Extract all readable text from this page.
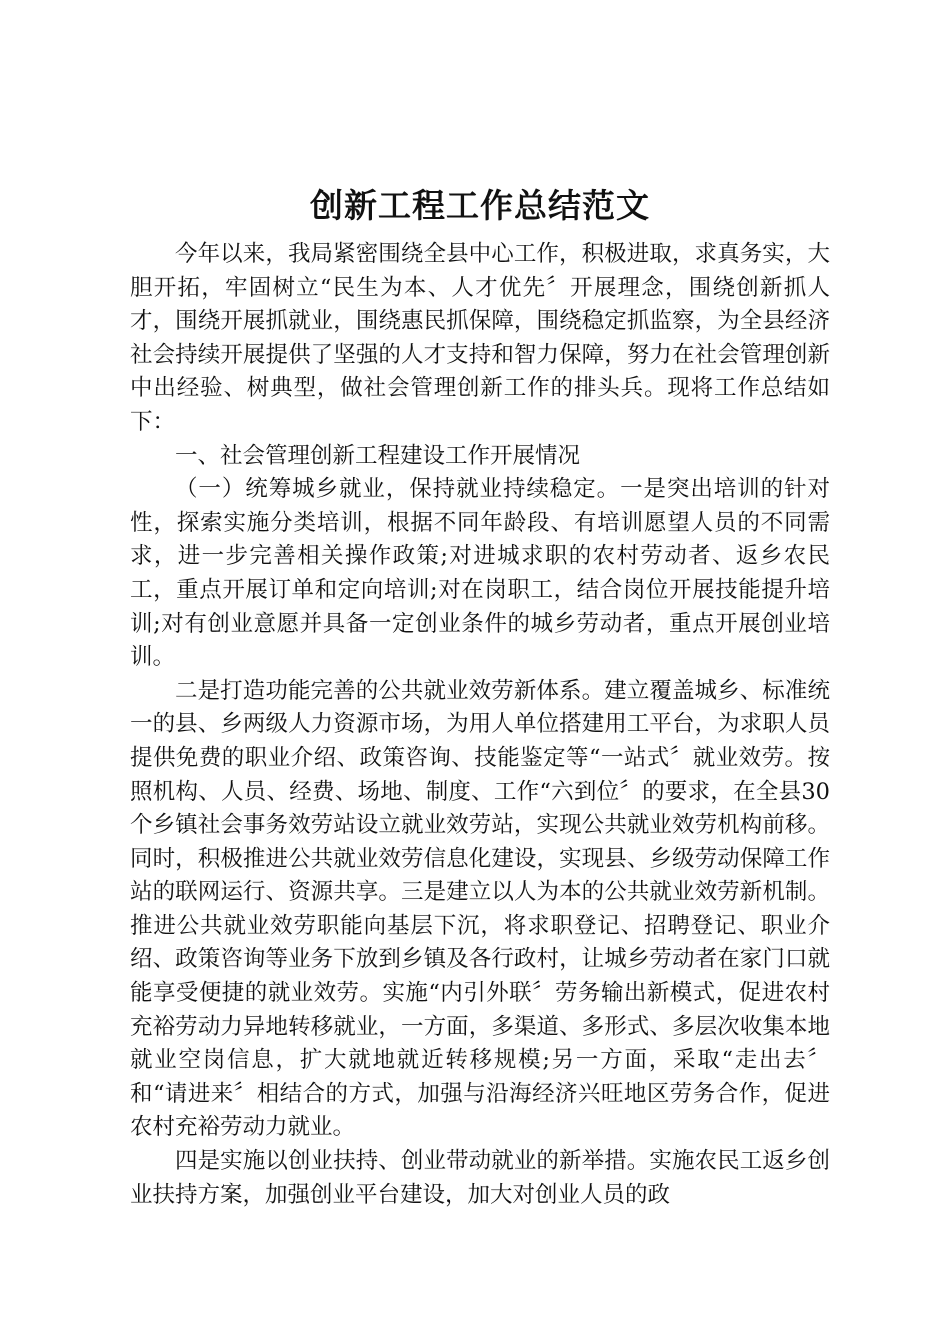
创新工程工作总结范文

今年以来，我局紧密围绕全县中心工作，积极进取，求真务实，大胆开拓，牢固树立“民生为本、人才优先〞开展理念，围绕创新抓人才，围绕开展抓就业，围绕惠民抓保障，围绕稳定抓监察，为全县经济社会持续开展提供了坚强的人才支持和智力保障，努力在社会管理创新中出经验、树典型，做社会管理创新工作的排头兵。现将工作总结如下：

一、社会管理创新工程建设工作开展情况

（一）统筹城乡就业，保持就业持续稳定。一是突出培训的针对性，探索实施分类培训，根据不同年龄段、有培训愿望人员的不同需求，进一步完善相关操作政策;对进城求职的农村劳动者、返乡农民工，重点开展订单和定向培训;对在岗职工，结合岗位开展技能提升培训;对有创业意愿并具备一定创业条件的城乡劳动者，重点开展创业培训。

二是打造功能完善的公共就业效劳新体系。建立覆盖城乡、标准统一的县、乡两级人力资源市场，为用人单位搭建用工平台，为求职人员提供免费的职业介绍、政策咨询、技能鉴定等“一站式〞就业效劳。按照机构、人员、经费、场地、制度、工作“六到位〞的要求，在全县30个乡镇社会事务效劳站设立就业效劳站，实现公共就业效劳机构前移。同时，积极推进公共就业效劳信息化建设，实现县、乡级劳动保障工作站的联网运行、资源共享。三是建立以人为本的公共就业效劳新机制。推进公共就业效劳职能向基层下沉，将求职登记、招聘登记、职业介绍、政策咨询等业务下放到乡镇及各行政村，让城乡劳动者在家门口就能享受便捷的就业效劳。实施“内引外联〞劳务输出新模式，促进农村充裕劳动力异地转移就业，一方面，多渠道、多形式、多层次收集本地就业空岗信息，扩大就地就近转移规模;另一方面，采取“走出去〞和“请进来〞相结合的方式，加强与沿海经济兴旺地区劳务合作，促进农村充裕劳动力就业。

四是实施以创业扶持、创业带动就业的新举措。实施农民工返乡创业扶持方案，加强创业平台建设，加大对创业人员的政
